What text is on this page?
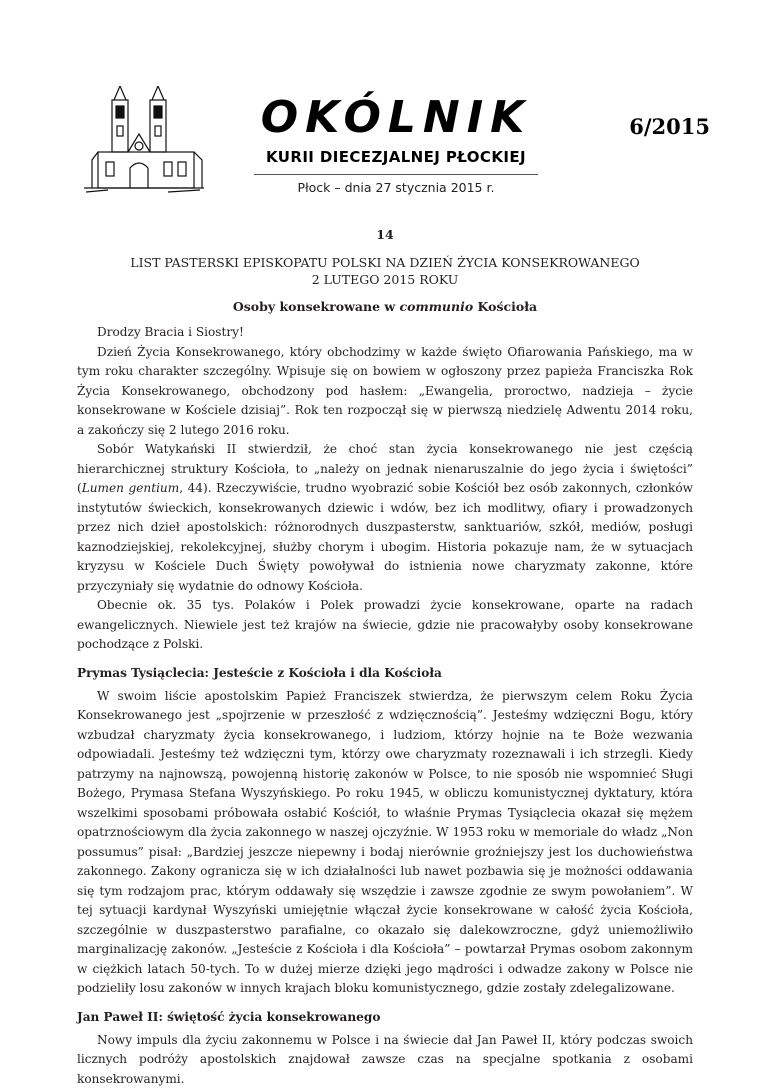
OKÓLNIK	6/2015
KURII DIECEZJALNEJ PŁOCKIEJ
Płock – dnia 27 stycznia 2015 r.

14

LIST PASTERSKI EPISKOPATU POLSKI NA DZIEŃ ŻYCIA KONSEKROWANEGO
2 LUTEGO 2015 ROKU

Osoby konsekrowane w communio Kościoła

Drodzy Bracia i Siostry!

Dzień Życia Konsekrowanego, który obchodzimy w każde święto Ofiarowania Pańskiego, ma w tym roku charakter szczególny. Wpisuje się on bowiem w ogłoszony przez papieża Franciszka Rok Życia Konsekrowanego, obchodzony pod hasłem: „Ewangelia, proroctwo, nadzieja – życie konsekrowane w Kościele dzisiaj”. Rok ten rozpoczął się w pierwszą niedzielę Adwentu 2014 roku, a zakończy się 2 lutego 2016 roku.

Sobór Watykański II stwierdził, że choć stan życia konsekrowanego nie jest częścią hierarchicznej struktury Kościoła, to „należy on jednak nienaruszalnie do jego życia i świętości” (Lumen gentium, 44). Rzeczywiście, trudno wyobrazić sobie Kościół bez osób zakonnych, członków instytutów świeckich, konsekrowanych dziewic i wdów, bez ich modlitwy, ofiary i prowadzonych przez nich dzieł apostolskich: różnorodnych duszpasterstw, sanktuariów, szkół, mediów, posługi kaznodziejskiej, rekolekcyjnej, służby chorym i ubogim. Historia pokazuje nam, że w sytuacjach kryzysu w Kościele Duch Święty powoływał do istnienia nowe charyzmaty zakonne, które przyczyniały się wydatnie do odnowy Kościoła.

Obecnie ok. 35 tys. Polaków i Polek prowadzi życie konsekrowane, oparte na radach ewangelicznych. Niewiele jest też krajów na świecie, gdzie nie pracowałyby osoby konsekrowane pochodzące z Polski.

Prymas Tysiąclecia: Jesteście z Kościoła i dla Kościoła

W swoim liście apostolskim Papież Franciszek stwierdza, że pierwszym celem Roku Życia Konsekrowanego jest „spojrzenie w przeszłość z wdzięcznością”. Jesteśmy wdzięczni Bogu, który wzbudzał charyzmaty życia konsekrowanego, i ludziom, którzy hojnie na te Boże wezwania odpowiadali. Jesteśmy też wdzięczni tym, którzy owe charyzmaty rozeznawali i ich strzegli. Kiedy patrzymy na najnowszą, powojenną historię zakonów w Polsce, to nie sposób nie wspomnieć Sługi Bożego, Prymasa Stefana Wyszyńskiego. Po roku 1945, w obliczu komunistycznej dyktatury, która wszelkimi sposobami próbowała osłabić Kościół, to właśnie Prymas Tysiąclecia okazał się mężem opatrznościowym dla życia zakonnego w naszej ojczyźnie. W 1953 roku w memoriale do władz „Non possumus” pisał: „Bardziej jeszcze niepewny i bodaj nierównie groźniejszy jest los duchowieństwa zakonnego. Zakony ogranicza się w ich działalności lub nawet pozbawia się je możności oddawania się tym rodzajom prac, którym oddawały się wszędzie i zawsze zgodnie ze swym powołaniem”. W tej sytuacji kardynał Wyszyński umiejętnie włączał życie konsekrowane w całość życia Kościoła, szczególnie w duszpasterstwo parafialne, co okazało się dalekowzroczne, gdyż uniemożliwiło marginalizację zakonów. „Jesteście z Kościoła i dla Kościoła” – powtarzał Prymas osobom zakonnym w ciężkich latach 50-tych. To w dużej mierze dzięki jego mądrości i odwadze zakony w Polsce nie podzieliły losu zakonów w innych krajach bloku komunistycznego, gdzie zostały zdelegalizowane.

Jan Paweł II: świętość życia konsekrowanego

Nowy impuls dla życiu zakonnemu w Polsce i na świecie dał Jan Paweł II, który podczas swoich licznych podróży apostolskich znajdował zawsze czas na specjalne spotkania z osobami konsekrowanymi.
